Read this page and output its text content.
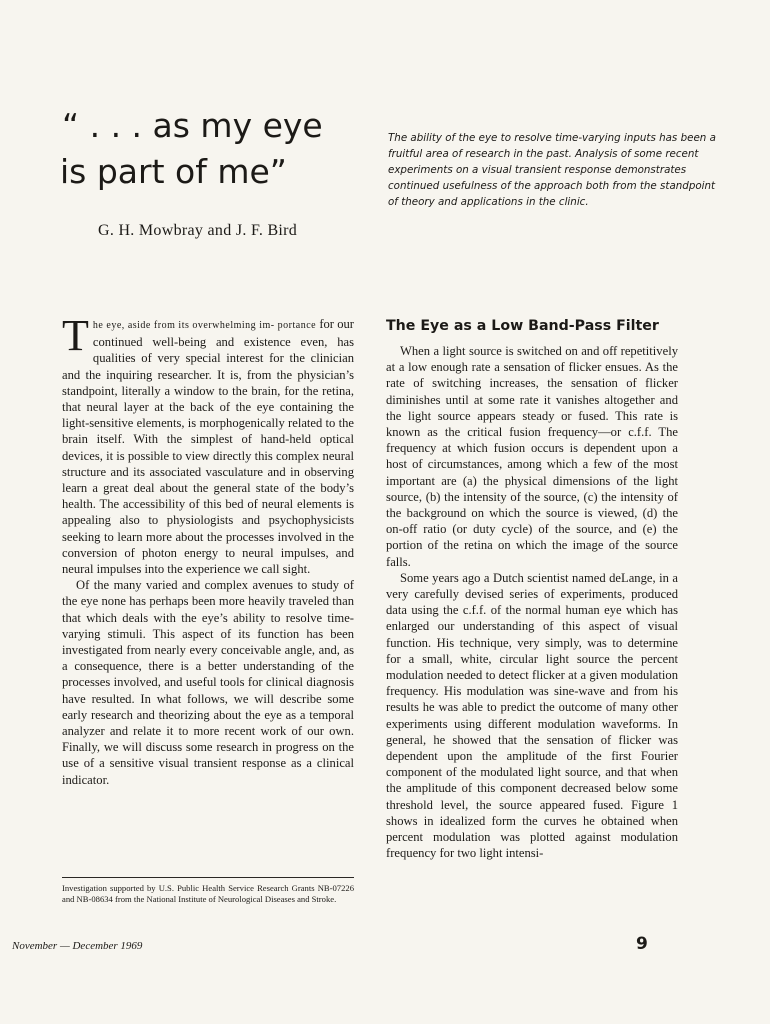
“ . . . as my eye
is part of me”
G. H. Mowbray and J. F. Bird

The ability of the eye to resolve time-varying inputs has been a fruitful area of research in the past. Analysis of some recent experiments on a visual transient response demonstrates continued usefulness of the approach both from the standpoint of theory and applications in the clinic.

The eye, aside from its overwhelming im- portance for our continued well-being and existence even, has qualities of very special interest for the clinician and the inquiring researcher. It is, from the physician’s standpoint, literally a window to the brain, for the retina, that neural layer at the back of the eye containing the light-sensitive elements, is morphogenically related to the brain itself. With the simplest of hand-held optical devices, it is possible to view directly this complex neural structure and its associated vasculature and in observing learn a great deal about the general state of the body’s health. The accessibility of this bed of neural elements is appealing also to physiologists and psychophysicists seeking to learn more about the processes involved in the conversion of photon energy to neural impulses, and neural impulses into the experience we call sight.

Of the many varied and complex avenues to study of the eye none has perhaps been more heavily traveled than that which deals with the eye’s ability to resolve time-varying stimuli. This aspect of its function has been investigated from nearly every conceivable angle, and, as a consequence, there is a better understanding of the processes involved, and useful tools for clinical diagnosis have resulted. In what follows, we will describe some early research and theorizing about the eye as a temporal analyzer and relate it to more recent work of our own. Finally, we will discuss some research in progress on the use of a sensitive visual transient response as a clinical indicator.

Investigation supported by U.S. Public Health Service Research Grants NB-07226 and NB-08634 from the National Institute of Neurological Diseases and Stroke.

The Eye as a Low Band-Pass Filter

When a light source is switched on and off repetitively at a low enough rate a sensation of flicker ensues. As the rate of switching increases, the sensation of flicker diminishes until at some rate it vanishes altogether and the light source appears steady or fused. This rate is known as the critical fusion frequency—or c.f.f. The frequency at which fusion occurs is dependent upon a host of circumstances, among which a few of the most important are (a) the physical dimensions of the light source, (b) the intensity of the source, (c) the intensity of the background on which the source is viewed, (d) the on-off ratio (or duty cycle) of the source, and (e) the portion of the retina on which the image of the source falls.

Some years ago a Dutch scientist named deLange, in a very carefully devised series of experiments, produced data using the c.f.f. of the normal human eye which has enlarged our understanding of this aspect of visual function. His technique, very simply, was to determine for a small, white, circular light source the percent modulation needed to detect flicker at a given modulation frequency. His modulation was sine-wave and from his results he was able to predict the outcome of many other experiments using different modulation waveforms. In general, he showed that the sensation of flicker was dependent upon the amplitude of the first Fourier component of the modulated light source, and that when the amplitude of this component decreased below some threshold level, the source appeared fused. Figure 1 shows in idealized form the curves he obtained when percent modulation was plotted against modulation frequency for two light intensi-

November — December 1969	9
